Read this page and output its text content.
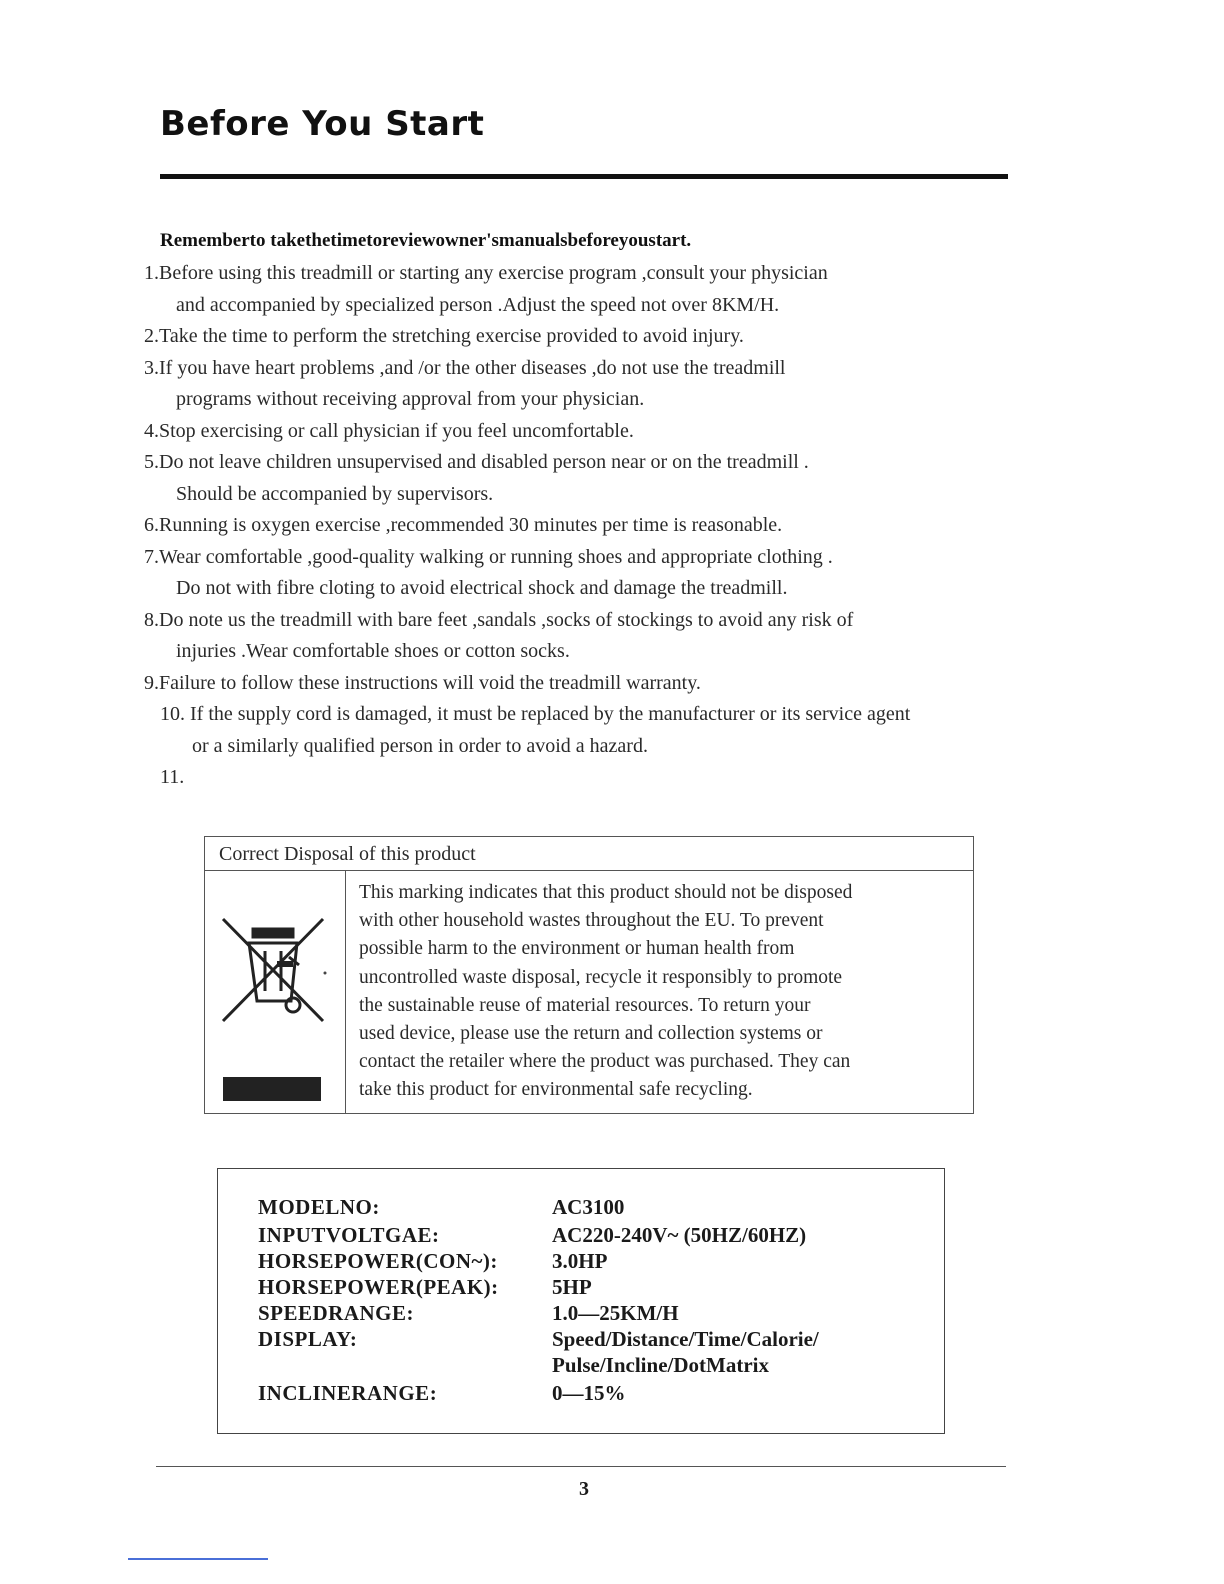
Before You Start
Rememberto takethetimetoreviewowner'smanualsbeforeyoustart.
1.Before using this treadmill or starting any exercise program ,consult your physician
and accompanied by specialized person .Adjust the speed not over 8KM/H.
2.Take the time to perform the stretching exercise provided to avoid injury.
3.If you have heart problems ,and /or the other diseases ,do not use the treadmill
programs without receiving approval from your physician.
4.Stop exercising or call physician if you feel uncomfortable.
5.Do not leave children unsupervised and disabled person near or on the treadmill .
Should be accompanied by supervisors.
6.Running is oxygen exercise ,recommended 30 minutes per time is reasonable.
7.Wear comfortable ,good-quality walking or running shoes and appropriate clothing .
Do not with fibre cloting to avoid electrical shock and damage the treadmill.
8.Do note us the treadmill with bare feet ,sandals ,socks of stockings to avoid any risk of
injuries .Wear comfortable shoes or cotton socks.
9.Failure to follow these instructions will void the treadmill warranty.
10. If the supply cord is damaged, it must be replaced by the manufacturer or its service agent
or a similarly qualified person in order to avoid a hazard.
11.
Correct Disposal of this product
This marking indicates that this product should not be disposed
with other household wastes throughout the EU. To prevent
possible harm to the environment or human health from
uncontrolled waste disposal, recycle it responsibly to promote
the sustainable reuse of material resources. To return your
used device, please use the return and collection systems or
contact the retailer where the product was purchased. They can
take this product for environmental safe recycling.
MODELNO:	AC3100
INPUTVOLTGAE:	AC220-240V~ (50HZ/60HZ)
HORSEPOWER(CON~):	3.0HP
HORSEPOWER(PEAK):	5HP
SPEEDRANGE:	1.0—25KM/H
DISPLAY:	Speed/Distance/Time/Calorie/
Pulse/Incline/DotMatrix
INCLINERANGE:	0—15%
3
